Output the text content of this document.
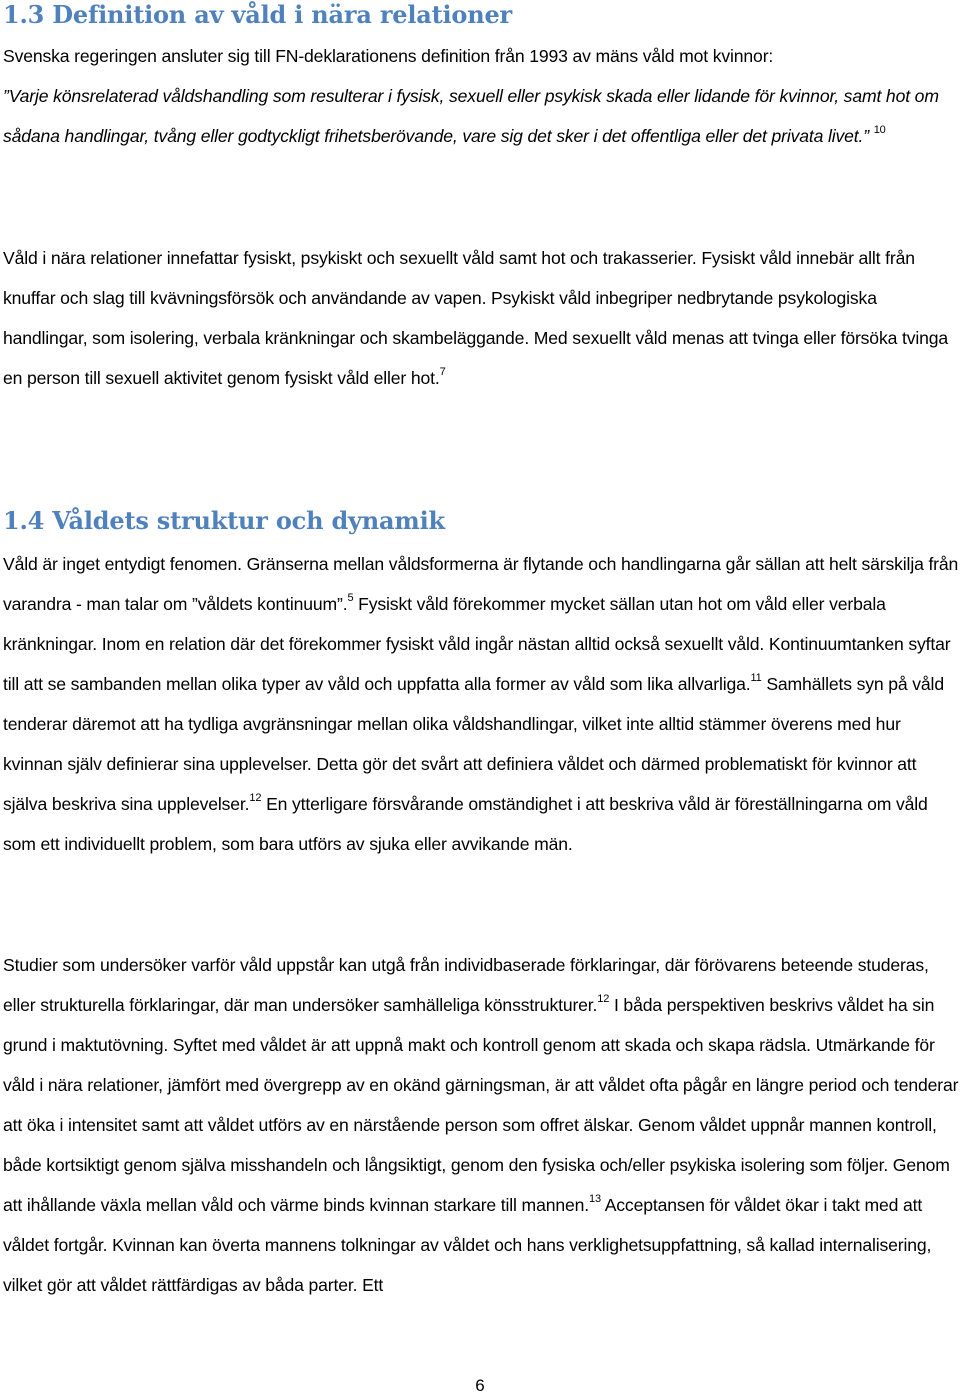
1.3 Definition av våld i nära relationer

Svenska regeringen ansluter sig till FN-deklarationens definition från 1993 av mäns våld mot kvinnor:
”Varje könsrelaterad våldshandling som resulterar i fysisk, sexuell eller psykisk skada eller lidande för kvinnor, samt hot om sådana handlingar, tvång eller godtyckligt frihetsberövande, vare sig det sker i det offentliga eller det privata livet.” $^{10}$

Våld i nära relationer innefattar fysiskt, psykiskt och sexuellt våld samt hot och trakasserier. Fysiskt våld innebär allt från knuffar och slag till kvävningsförsök och användande av vapen. Psykiskt våld inbegriper nedbrytande psykologiska handlingar, som isolering, verbala kränkningar och skambeläggande. Med sexuellt våld menas att tvinga eller försöka tvinga en person till sexuell aktivitet genom fysiskt våld eller hot.$^7$

1.4 Våldets struktur och dynamik

Våld är inget entydigt fenomen. Gränserna mellan våldsformerna är flytande och handlingarna går sällan att helt särskilja från varandra - man talar om ”våldets kontinuum”.$^5$ Fysiskt våld förekommer mycket sällan utan hot om våld eller verbala kränkningar. Inom en relation där det förekommer fysiskt våld ingår nästan alltid också sexuellt våld. Kontinuumtanken syftar till att se sambanden mellan olika typer av våld och uppfatta alla former av våld som lika allvarliga.$^{11}$ Samhällets syn på våld tenderar däremot att ha tydliga avgränsningar mellan olika våldshandlingar, vilket inte alltid stämmer överens med hur kvinnan själv definierar sina upplevelser. Detta gör det svårt att definiera våldet och därmed problematiskt för kvinnor att själva beskriva sina upplevelser.$^{12}$ En ytterligare försvårande omständighet i att beskriva våld är föreställningarna om våld som ett individuellt problem, som bara utförs av sjuka eller avvikande män.

Studier som undersöker varför våld uppstår kan utgå från individbaserade förklaringar, där förövarens beteende studeras, eller strukturella förklaringar, där man undersöker samhälleliga könsstrukturer.$^{12}$ I båda perspektiven beskrivs våldet ha sin grund i maktutövning. Syftet med våldet är att uppnå makt och kontroll genom att skada och skapa rädsla. Utmärkande för våld i nära relationer, jämfört med övergrepp av en okänd gärningsman, är att våldet ofta pågår en längre period och tenderar att öka i intensitet samt att våldet utförs av en närstående person som offret älskar. Genom våldet uppnår mannen kontroll, både kortsiktigt genom själva misshandeln och långsiktigt, genom den fysiska och/eller psykiska isolering som följer. Genom att ihållande växla mellan våld och värme binds kvinnan starkare till mannen.$^{13}$ Acceptansen för våldet ökar i takt med att våldet fortgår. Kvinnan kan överta mannens tolkningar av våldet och hans verklighetsuppfattning, så kallad internalisering, vilket gör att våldet rättfärdigas av båda parter. Ett

6
